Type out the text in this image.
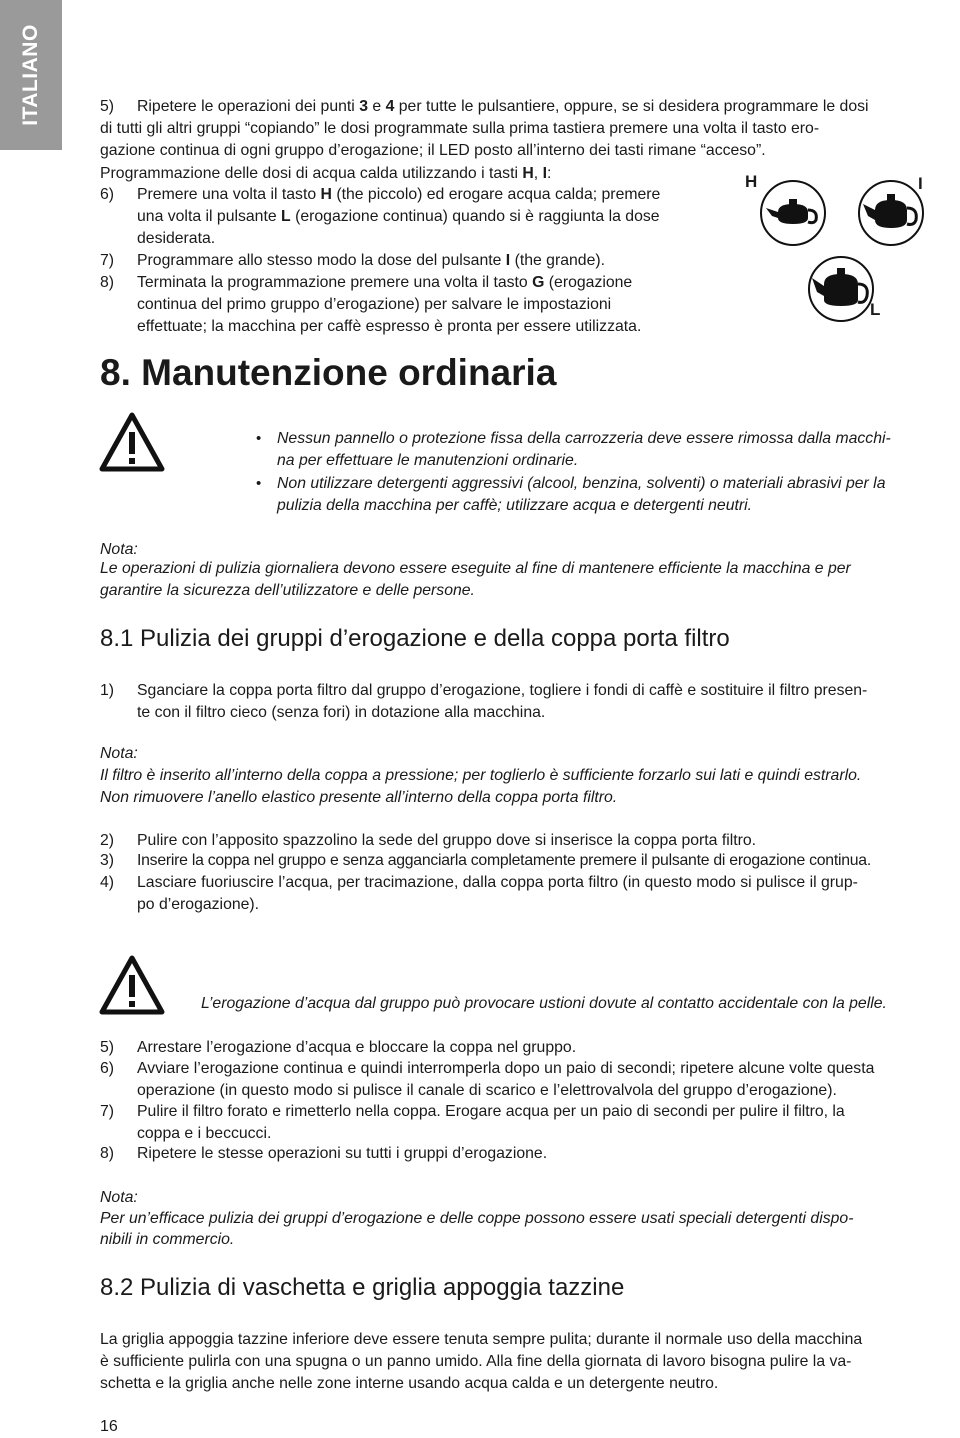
ITALIANO	5) Ripetere le operazioni dei punti 3 e 4 per tutte le pulsantiere, oppure, se si desidera programmare le dosi
di tutti gli altri gruppi “copiando” le dosi programmate sulla prima tastiera premere una volta il tasto ero-
gazione continua di ogni gruppo d’erogazione; il LED posto all’interno dei tasti rimane “acceso”.
Programmazione delle dosi di acqua calda utilizzando i tasti H, I:
6) Premere una volta il tasto H (the piccolo) ed erogare acqua calda; premere
una volta il pulsante L (erogazione continua) quando si è raggiunta la dose
desiderata.
7) Programmare allo stesso modo la dose del pulsante I (the grande).
8) Terminata la programmazione premere una volta il tasto G (erogazione
continua del primo gruppo d’erogazione) per salvare le impostazioni
effettuate; la macchina per caffè espresso è pronta per essere utilizzata.
H	I
L
8. Manutenzione ordinaria
• Nessun pannello o protezione fissa della carrozzeria deve essere rimossa dalla macchi-
na per effettuare le manutenzioni ordinarie.
• Non utilizzare detergenti aggressivi (alcool, benzina, solventi) o materiali abrasivi per la
pulizia della macchina per caffè; utilizzare acqua e detergenti neutri.
Nota:
Le operazioni di pulizia giornaliera devono essere eseguite al fine di mantenere efficiente la macchina e per
garantire la sicurezza dell’utilizzatore e delle persone.
8.1 Pulizia dei gruppi d’erogazione e della coppa porta filtro
1) Sganciare la coppa porta filtro dal gruppo d’erogazione, togliere i fondi di caffè e sostituire il filtro presen-
te con il filtro cieco (senza fori) in dotazione alla macchina.
Nota:
Il filtro è inserito all’interno della coppa a pressione; per toglierlo è sufficiente forzarlo sui lati e quindi estrarlo.
Non rimuovere l’anello elastico presente all’interno della coppa porta filtro.
2) Pulire con l’apposito spazzolino la sede del gruppo dove si inserisce la coppa porta filtro.
3) Inserire la coppa nel gruppo e senza agganciarla completamente premere il pulsante di erogazione continua.
4) Lasciare fuoriuscire l’acqua, per tracimazione, dalla coppa porta filtro (in questo modo si pulisce il grup-
po d’erogazione).
L’erogazione d’acqua dal gruppo può provocare ustioni dovute al contatto accidentale con la pelle.
5) Arrestare l’erogazione d’acqua e bloccare la coppa nel gruppo.
6) Avviare l’erogazione continua e quindi interromperla dopo un paio di secondi; ripetere alcune volte questa
operazione (in questo modo si pulisce il canale di scarico e l’elettrovalvola del gruppo d’erogazione).
7) Pulire il filtro forato e rimetterlo nella coppa. Erogare acqua per un paio di secondi per pulire il filtro, la
coppa e i beccucci.
8) Ripetere le stesse operazioni su tutti i gruppi d’erogazione.
Nota:
Per un’efficace pulizia dei gruppi d’erogazione e delle coppe possono essere usati speciali detergenti dispo-
nibili in commercio.
8.2 Pulizia di vaschetta e griglia appoggia tazzine
La griglia appoggia tazzine inferiore deve essere tenuta sempre pulita; durante il normale uso della macchina
è sufficiente pulirla con una spugna o un panno umido. Alla fine della giornata di lavoro bisogna pulire la va-
schetta e la griglia anche nelle zone interne usando acqua calda e un detergente neutro.
16
